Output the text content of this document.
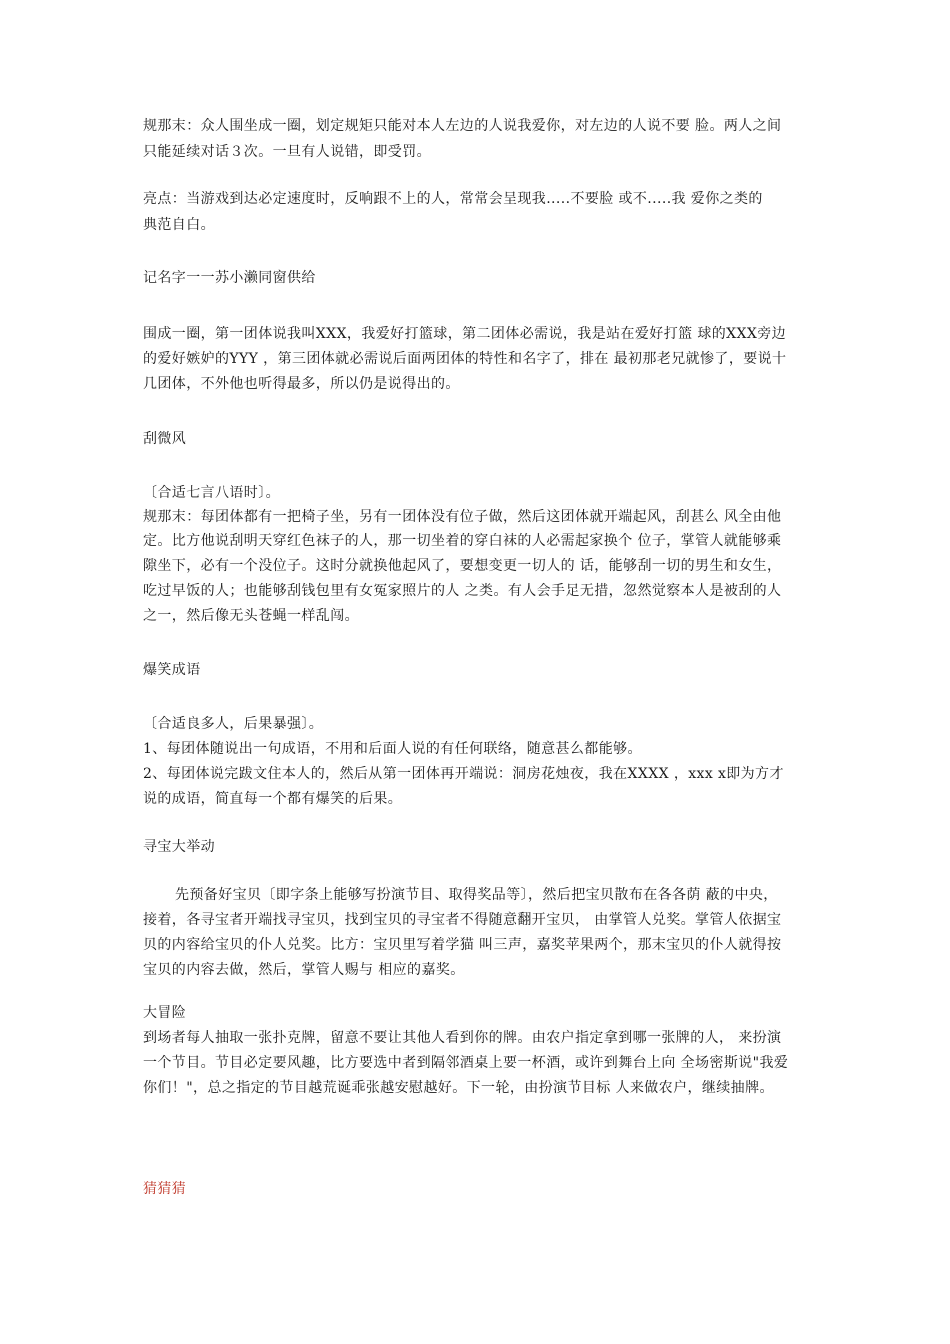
规那末：众人围坐成一圈，划定规矩只能对本人左边的人说我爱你，对左边的人说不要 脸。两人之间
只能延续对话３次。一旦有人说错，即受罚。
亮点：当游戏到达必定速度时，反响跟不上的人，常常会呈现我.....不要脸 或不.....我 爱你之类的
典范自白。
记名字一一苏小濑同窗供给
围成一圈，第一团体说我叫XXX，我爱好打篮球，第二团体必需说，我是站在爱好打篮 球的XXX旁边
的爱好嫉妒的YYY ，第三团体就必需说后面两团体的特性和名字了，排在 最初那老兄就惨了，要说十
几团体，不外他也听得最多，所以仍是说得出的。
刮微风
〔合适七言八语时〕。
规那末：每团体都有一把椅子坐，另有一团体没有位子做，然后这团体就开端起风，刮甚么 风全由他
定。比方他说刮明天穿红色袜子的人，那一切坐着的穿白袜的人必需起家换个 位子，掌管人就能够乘
隙坐下，必有一个没位子。这时分就换他起风了，要想变更一切人的 话，能够刮一切的男生和女生，
吃过早饭的人；也能够刮钱包里有女冤家照片的人 之类。有人会手足无措，忽然觉察本人是被刮的人
之一，然后像无头苍蝇一样乱闯。
爆笑成语
〔合适良多人，后果暴强〕。
1、每团体随说出一句成语，不用和后面人说的有任何联络，随意甚么都能够。
2、每团体说完跋文住本人的，然后从第一团体再开端说：洞房花烛夜，我在XXXX ，xxx x即为方才
说的成语，简直每一个都有爆笑的后果。
寻宝大举动
先预备好宝贝〔即字条上能够写扮演节目、取得奖品等〕，然后把宝贝散布在各各荫 蔽的中央，
接着，各寻宝者开端找寻宝贝，找到宝贝的寻宝者不得随意翻开宝贝， 由掌管人兑奖。掌管人依据宝
贝的内容给宝贝的仆人兑奖。比方：宝贝里写着学猫 叫三声，嘉奖苹果两个，那末宝贝的仆人就得按
宝贝的内容去做，然后，掌管人赐与 相应的嘉奖。
大冒险
到场者每人抽取一张扑克牌，留意不要让其他人看到你的牌。由农户指定拿到哪一张牌的人， 来扮演
一个节目。节目必定要风趣，比方要选中者到隔邻酒桌上要一杯酒，或许到舞台上向 全场密斯说"我爱
你们！"，总之指定的节目越荒诞乖张越安慰越好。下一轮，由扮演节目标 人来做农户，继续抽牌。
猜猜猜
